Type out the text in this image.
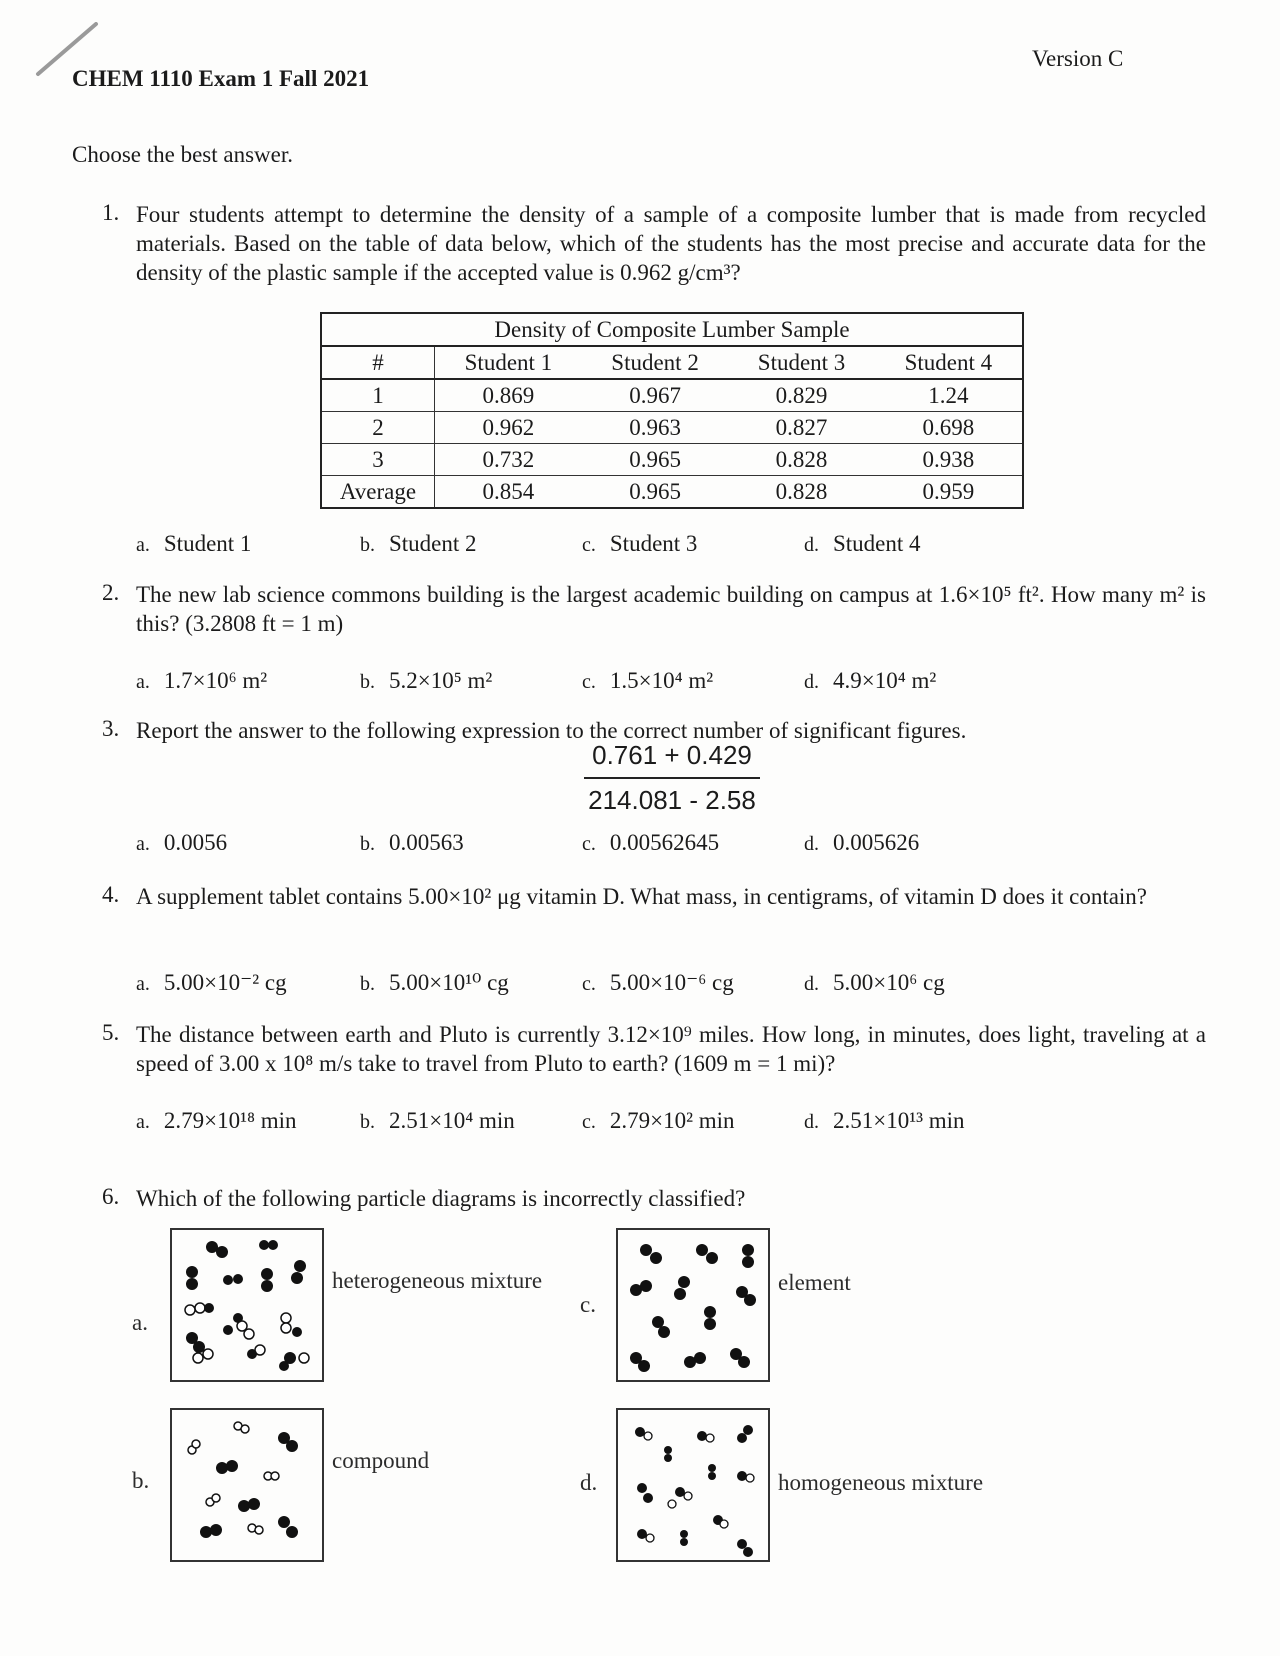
CHEM 1110 Exam 1 Fall 2021
Version C
Choose the best answer.
1. Four students attempt to determine the density of a sample of a composite lumber that is made from recycled materials. Based on the table of data below, which of the students has the most precise and accurate data for the density of the plastic sample if the accepted value is 0.962 g/cm³?
Density of Composite Lumber Sample				
#	Student 1	Student 2	Student 3	Student 4
1	0.869	0.967	0.829	1.24
2	0.962	0.963	0.827	0.698
3	0.732	0.965	0.828	0.938
Average	0.854	0.965	0.828	0.959
a. Student 1	b. Student 2	c. Student 3	d. Student 4
2. The new lab science commons building is the largest academic building on campus at 1.6×10⁵ ft². How many m² is this? (3.2808 ft = 1 m)
a. 1.7×10⁶ m²	b. 5.2×10⁵ m²	c. 1.5×10⁴ m²	d. 4.9×10⁴ m²
3. Report the answer to the following expression to the correct number of significant figures.
$\frac{0.761 + 0.429}{214.081 - 2.58}$
a. 0.0056	b. 0.00563	c. 0.00562645	d. 0.005626
4. A supplement tablet contains 5.00×10² μg vitamin D. What mass, in centigrams, of vitamin D does it contain?
a. 5.00×10⁻² cg	b. 5.00×10¹⁰ cg	c. 5.00×10⁻⁶ cg	d. 5.00×10⁶ cg
5. The distance between earth and Pluto is currently 3.12×10⁹ miles. How long, in minutes, does light, traveling at a speed of 3.00 x 10⁸ m/s take to travel from Pluto to earth? (1609 m = 1 mi)?
a. 2.79×10¹⁸ min	b. 2.51×10⁴ min	c. 2.79×10² min	d. 2.51×10¹³ min
6. Which of the following particle diagrams is incorrectly classified?
a.
heterogeneous mixture
b.
compound
c.
element
d.	homogeneous mixture
